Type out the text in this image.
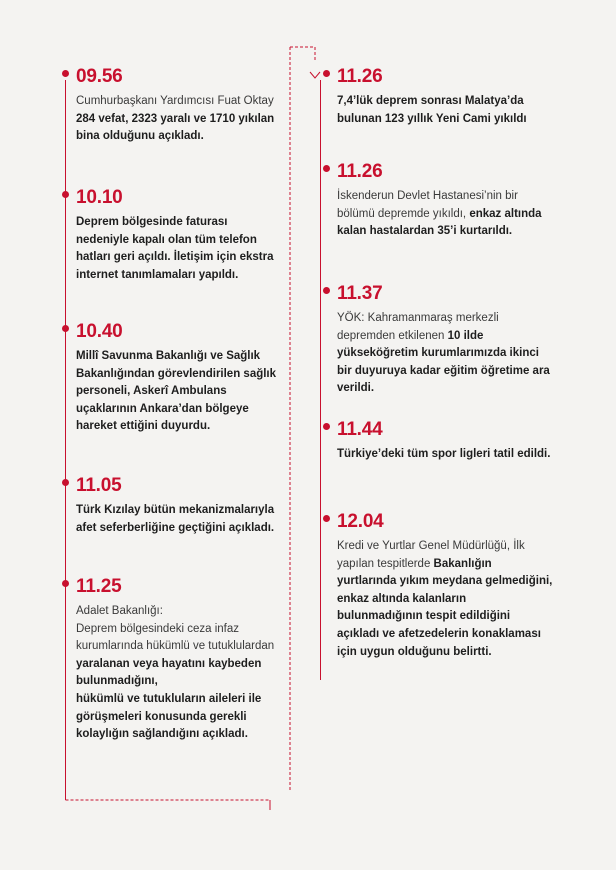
09.56
Cumhurbaşkanı Yardımcısı Fuat Oktay 284 vefat, 2323 yaralı ve 1710 yıkılan bina olduğunu açıkladı.
10.10
Deprem bölgesinde faturası nedeniyle kapalı olan tüm telefon hatları geri açıldı. İletişim için ekstra internet tanımlamaları yapıldı.
10.40
Millî Savunma Bakanlığı ve Sağlık Bakanlığından görevlendirilen sağlık personeli, Askerî Ambulans uçaklarının Ankara’dan bölgeye hareket ettiğini duyurdu.
11.05
Türk Kızılay bütün mekanizmalarıyla afet seferberliğine geçtiğini açıkladı.
11.25
Adalet Bakanlığı:
Deprem bölgesindeki ceza infaz kurumlarında hükümlü ve tutuklulardan yaralanan veya hayatını kaybeden bulunmadığını,
hükümlü ve tutukluların aileleri ile görüşmeleri konusunda gerekli kolaylığın sağlandığını açıkladı.
11.26
7,4’lük deprem sonrası Malatya’da bulunan 123 yıllık Yeni Cami yıkıldı
11.26
İskenderun Devlet Hastanesi’nin bir bölümü depremde yıkıldı, enkaz altında kalan hastalardan 35’i kurtarıldı.
11.37
YÖK: Kahramanmaraş merkezli depremden etkilenen 10 ilde yükseköğretim kurumlarımızda ikinci bir duyuruya kadar eğitim öğretime ara verildi.
11.44
Türkiye’deki tüm spor ligleri tatil edildi.
12.04
Kredi ve Yurtlar Genel Müdürlüğü, İlk yapılan tespitlerde Bakanlığın yurtlarında yıkım meydana gelmediğini, enkaz altında kalanların bulunmadığının tespit edildiğini açıkladı ve afetzedelerin konaklaması için uygun olduğunu belirtti.
